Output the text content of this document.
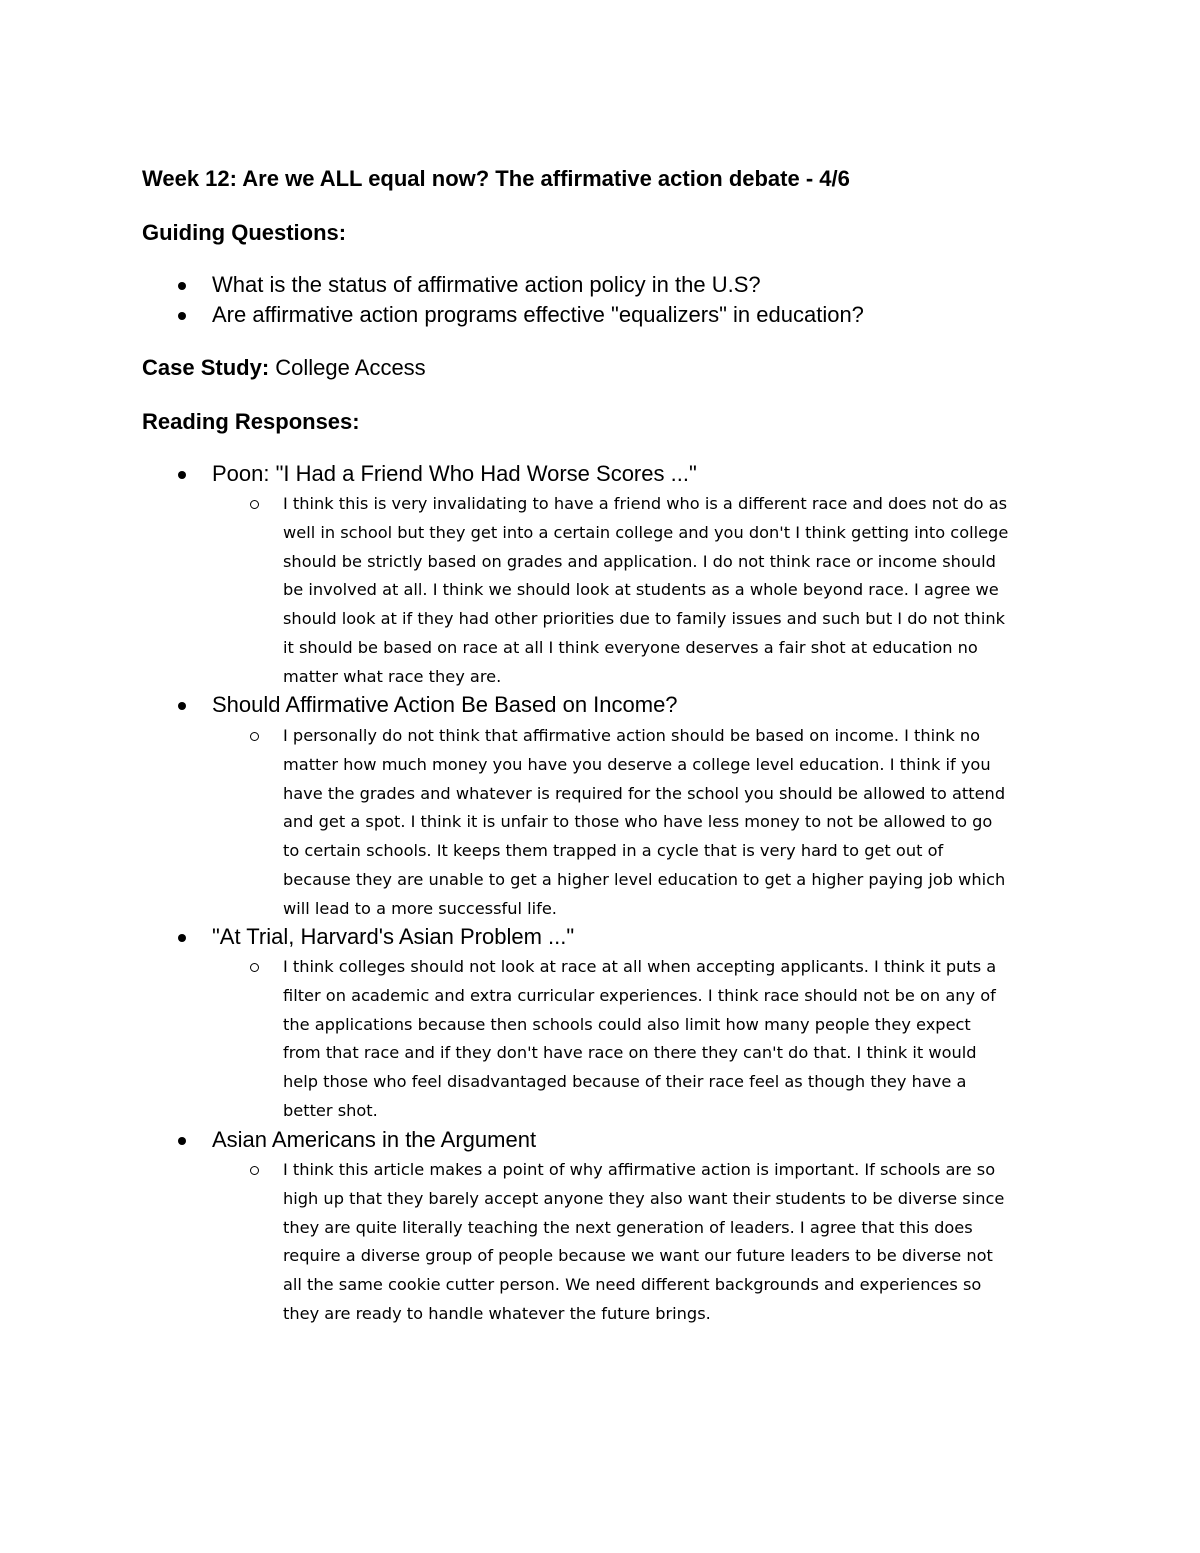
Week 12: Are we ALL equal now? The affirmative action debate - 4/6
Guiding Questions:
What is the status of affirmative action policy in the U.S?
Are affirmative action programs effective "equalizers" in education?
Case Study: College Access
Reading Responses:
Poon: "I Had a Friend Who Had Worse Scores ..."
I think this is very invalidating to have a friend who is a different race and does not do as
well in school but they get into a certain college and you don't I think getting into college
should be strictly based on grades and application. I do not think race or income should
be involved at all. I think we should look at students as a whole beyond race. I agree we
should look at if they had other priorities due to family issues and such but I do not think
it should be based on race at all I think everyone deserves a fair shot at education no
matter what race they are.
Should Affirmative Action Be Based on Income?
I personally do not think that affirmative action should be based on income. I think no
matter how much money you have you deserve a college level education. I think if you
have the grades and whatever is required for the school you should be allowed to attend
and get a spot. I think it is unfair to those who have less money to not be allowed to go
to certain schools. It keeps them trapped in a cycle that is very hard to get out of
because they are unable to get a higher level education to get a higher paying job which
will lead to a more successful life.
"At Trial, Harvard's Asian Problem ..."
I think colleges should not look at race at all when accepting applicants. I think it puts a
filter on academic and extra curricular experiences. I think race should not be on any of
the applications because then schools could also limit how many people they expect
from that race and if they don't have race on there they can't do that. I think it would
help those who feel disadvantaged because of their race feel as though they have a
better shot.
Asian Americans in the Argument
I think this article makes a point of why affirmative action is important. If schools are so
high up that they barely accept anyone they also want their students to be diverse since
they are quite literally teaching the next generation of leaders. I agree that this does
require a diverse group of people because we want our future leaders to be diverse not
all the same cookie cutter person. We need different backgrounds and experiences so
they are ready to handle whatever the future brings.
